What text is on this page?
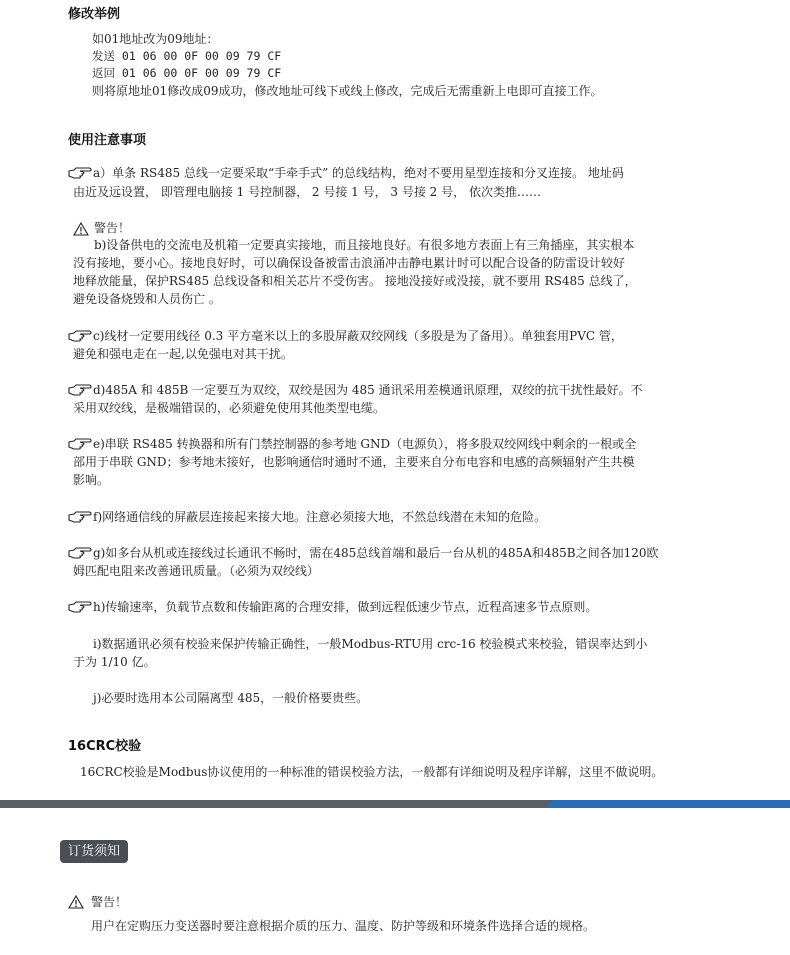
修改举例
如01地址改为09地址：
发送 01 06 00 0F 00 09 79 CF
返回 01 06 00 0F 00 09 79 CF
则将原地址01修改成09成功，修改地址可线下或线上修改，完成后无需重新上电即可直接工作。
使用注意事项
a）单条 RS485 总线一定要采取“手牵手式” 的总线结构，绝对不要用星型连接和分叉连接。 地址码
由近及远设置， 即管理电脑接 1 号控制器， 2 号接 1 号， 3 号接 2 号， 依次类推……
警告！
b)设备供电的交流电及机箱一定要真实接地，而且接地良好。有很多地方表面上有三角插座，其实根本
没有接地，要小心。接地良好时，可以确保设备被雷击浪涌冲击静电累计时可以配合设备的防雷设计较好
地释放能量，保护RS485 总线设备和相关芯片不受伤害。 接地没接好或没接，就不要用 RS485 总线了，
避免设备烧毁和人员伤亡 。
c)线材一定要用线径 0.3 平方毫米以上的多股屏蔽双绞网线（多股是为了备用）。单独套用PVC 管，
避免和强电走在一起,以免强电对其干扰。
d)485A 和 485B 一定要互为双绞，双绞是因为 485 通讯采用差模通讯原理，双绞的抗干扰性最好。不
采用双绞线，是极端错误的，必须避免使用其他类型电缆。
e)串联 RS485 转换器和所有门禁控制器的参考地 GND（电源负），将多股双绞网线中剩余的一根或全
部用于串联 GND；参考地未接好，也影响通信时通时不通，主要来自分布电容和电感的高频辐射产生共模
影响。
f)网络通信线的屏蔽层连接起来接大地。注意必须接大地，不然总线潜在未知的危险。
g)如多台从机或连接线过长通讯不畅时，需在485总线首端和最后一台从机的485A和485B之间各加120欧
姆匹配电阻来改善通讯质量。（必须为双绞线）
h)传输速率，负载节点数和传输距离的合理安排，做到远程低速少节点，近程高速多节点原则。
i)数据通讯必须有校验来保护传输正确性，一般Modbus-RTU用 crc-16 校验模式来校验，错误率达到小
于为 1/10 亿。
j)必要时选用本公司隔离型 485，一般价格要贵些。
16CRC校验
16CRC校验是Modbus协议使用的一种标准的错误校验方法，一般都有详细说明及程序详解，这里不做说明。
订货须知
警告！
用户在定购压力变送器时要注意根据介质的压力、温度、防护等级和环境条件选择合适的规格。
